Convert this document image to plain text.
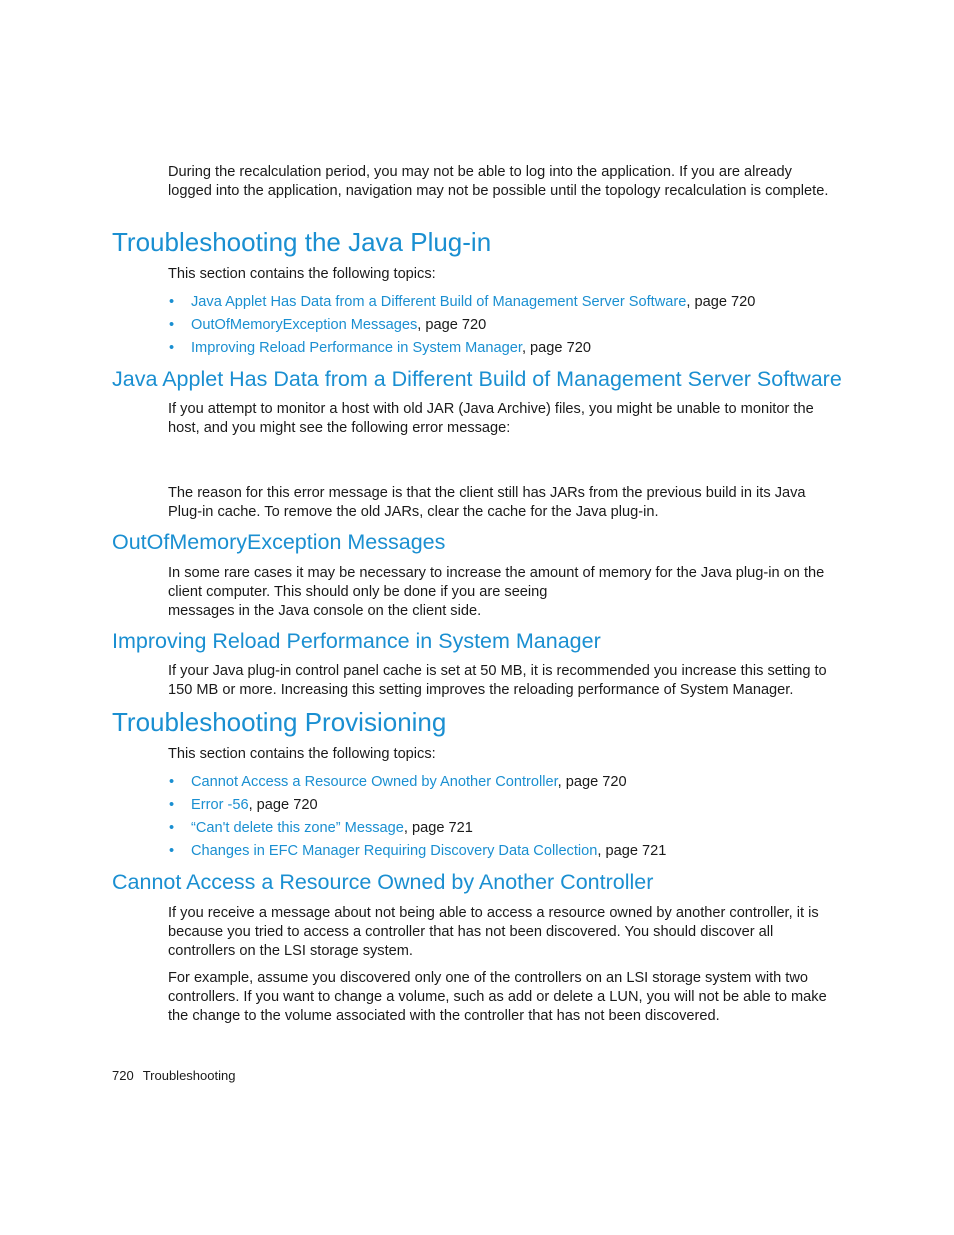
During the recalculation period, you may not be able to log into the application. If you are already logged into the application, navigation may not be possible until the topology recalculation is complete.

Troubleshooting the Java Plug-in

This section contains the following topics:

• Java Applet Has Data from a Different Build of Management Server Software, page 720
• OutOfMemoryException Messages, page 720
• Improving Reload Performance in System Manager, page 720
Java Applet Has Data from a Different Build of Management Server Software

If you attempt to monitor a host with old JAR (Java Archive) files, you might be unable to monitor the host, and you might see the following error message:

The reason for this error message is that the client still has JARs from the previous build in its Java Plug-in cache. To remove the old JARs, clear the cache for the Java plug-in.

OutOfMemoryException Messages

In some rare cases it may be necessary to increase the amount of memory for the Java plug-in on the client computer. This should only be done if you are seeing
messages in the Java console on the client side.

Improving Reload Performance in System Manager

If your Java plug-in control panel cache is set at 50 MB, it is recommended you increase this setting to 150 MB or more. Increasing this setting improves the reloading performance of System Manager.

Troubleshooting Provisioning

This section contains the following topics:

• Cannot Access a Resource Owned by Another Controller, page 720
• Error -56, page 720
• “Can't delete this zone” Message, page 721
• Changes in EFC Manager Requiring Discovery Data Collection, page 721
Cannot Access a Resource Owned by Another Controller

If you receive a message about not being able to access a resource owned by another controller, it is because you tried to access a controller that has not been discovered. You should discover all controllers on the LSI storage system.

For example, assume you discovered only one of the controllers on an LSI storage system with two controllers. If you want to change a volume, such as add or delete a LUN, you will not be able to make the change to the volume associated with the controller that has not been discovered.

720 Troubleshooting
